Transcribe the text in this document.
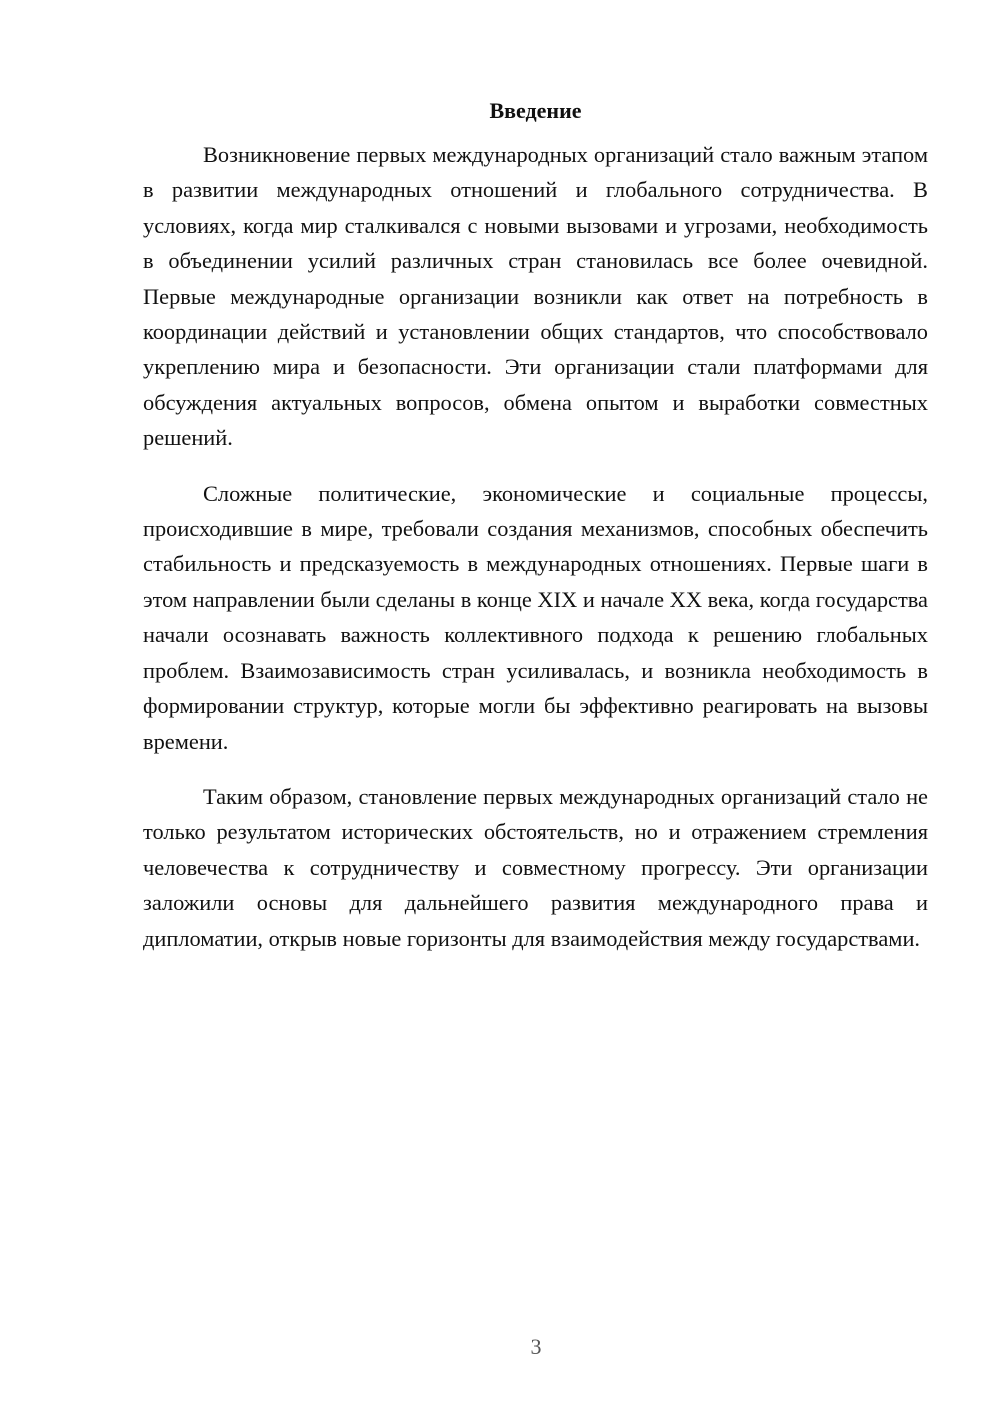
Введение

Возникновение первых международных организаций стало важным этапом в развитии международных отношений и глобального сотрудничества. В условиях, когда мир сталкивался с новыми вызовами и угрозами, необходимость в объединении усилий различных стран становилась все более очевидной. Первые международные организации возникли как ответ на потребность в координации действий и установлении общих стандартов, что способствовало укреплению мира и безопасности. Эти организации стали платформами для обсуждения актуальных вопросов, обмена опытом и выработки совместных решений.

Сложные политические, экономические и социальные процессы, происходившие в мире, требовали создания механизмов, способных обеспечить стабильность и предсказуемость в международных отношениях. Первые шаги в этом направлении были сделаны в конце XIX и начале XX века, когда государства начали осознавать важность коллективного подхода к решению глобальных проблем. Взаимозависимость стран усиливалась, и возникла необходимость в формировании структур, которые могли бы эффективно реагировать на вызовы времени.

Таким образом, становление первых международных организаций стало не только результатом исторических обстоятельств, но и отражением стремления человечества к сотрудничеству и совместному прогрессу. Эти организации заложили основы для дальнейшего развития международного права и дипломатии, открыв новые горизонты для взаимодействия между государствами.

3
